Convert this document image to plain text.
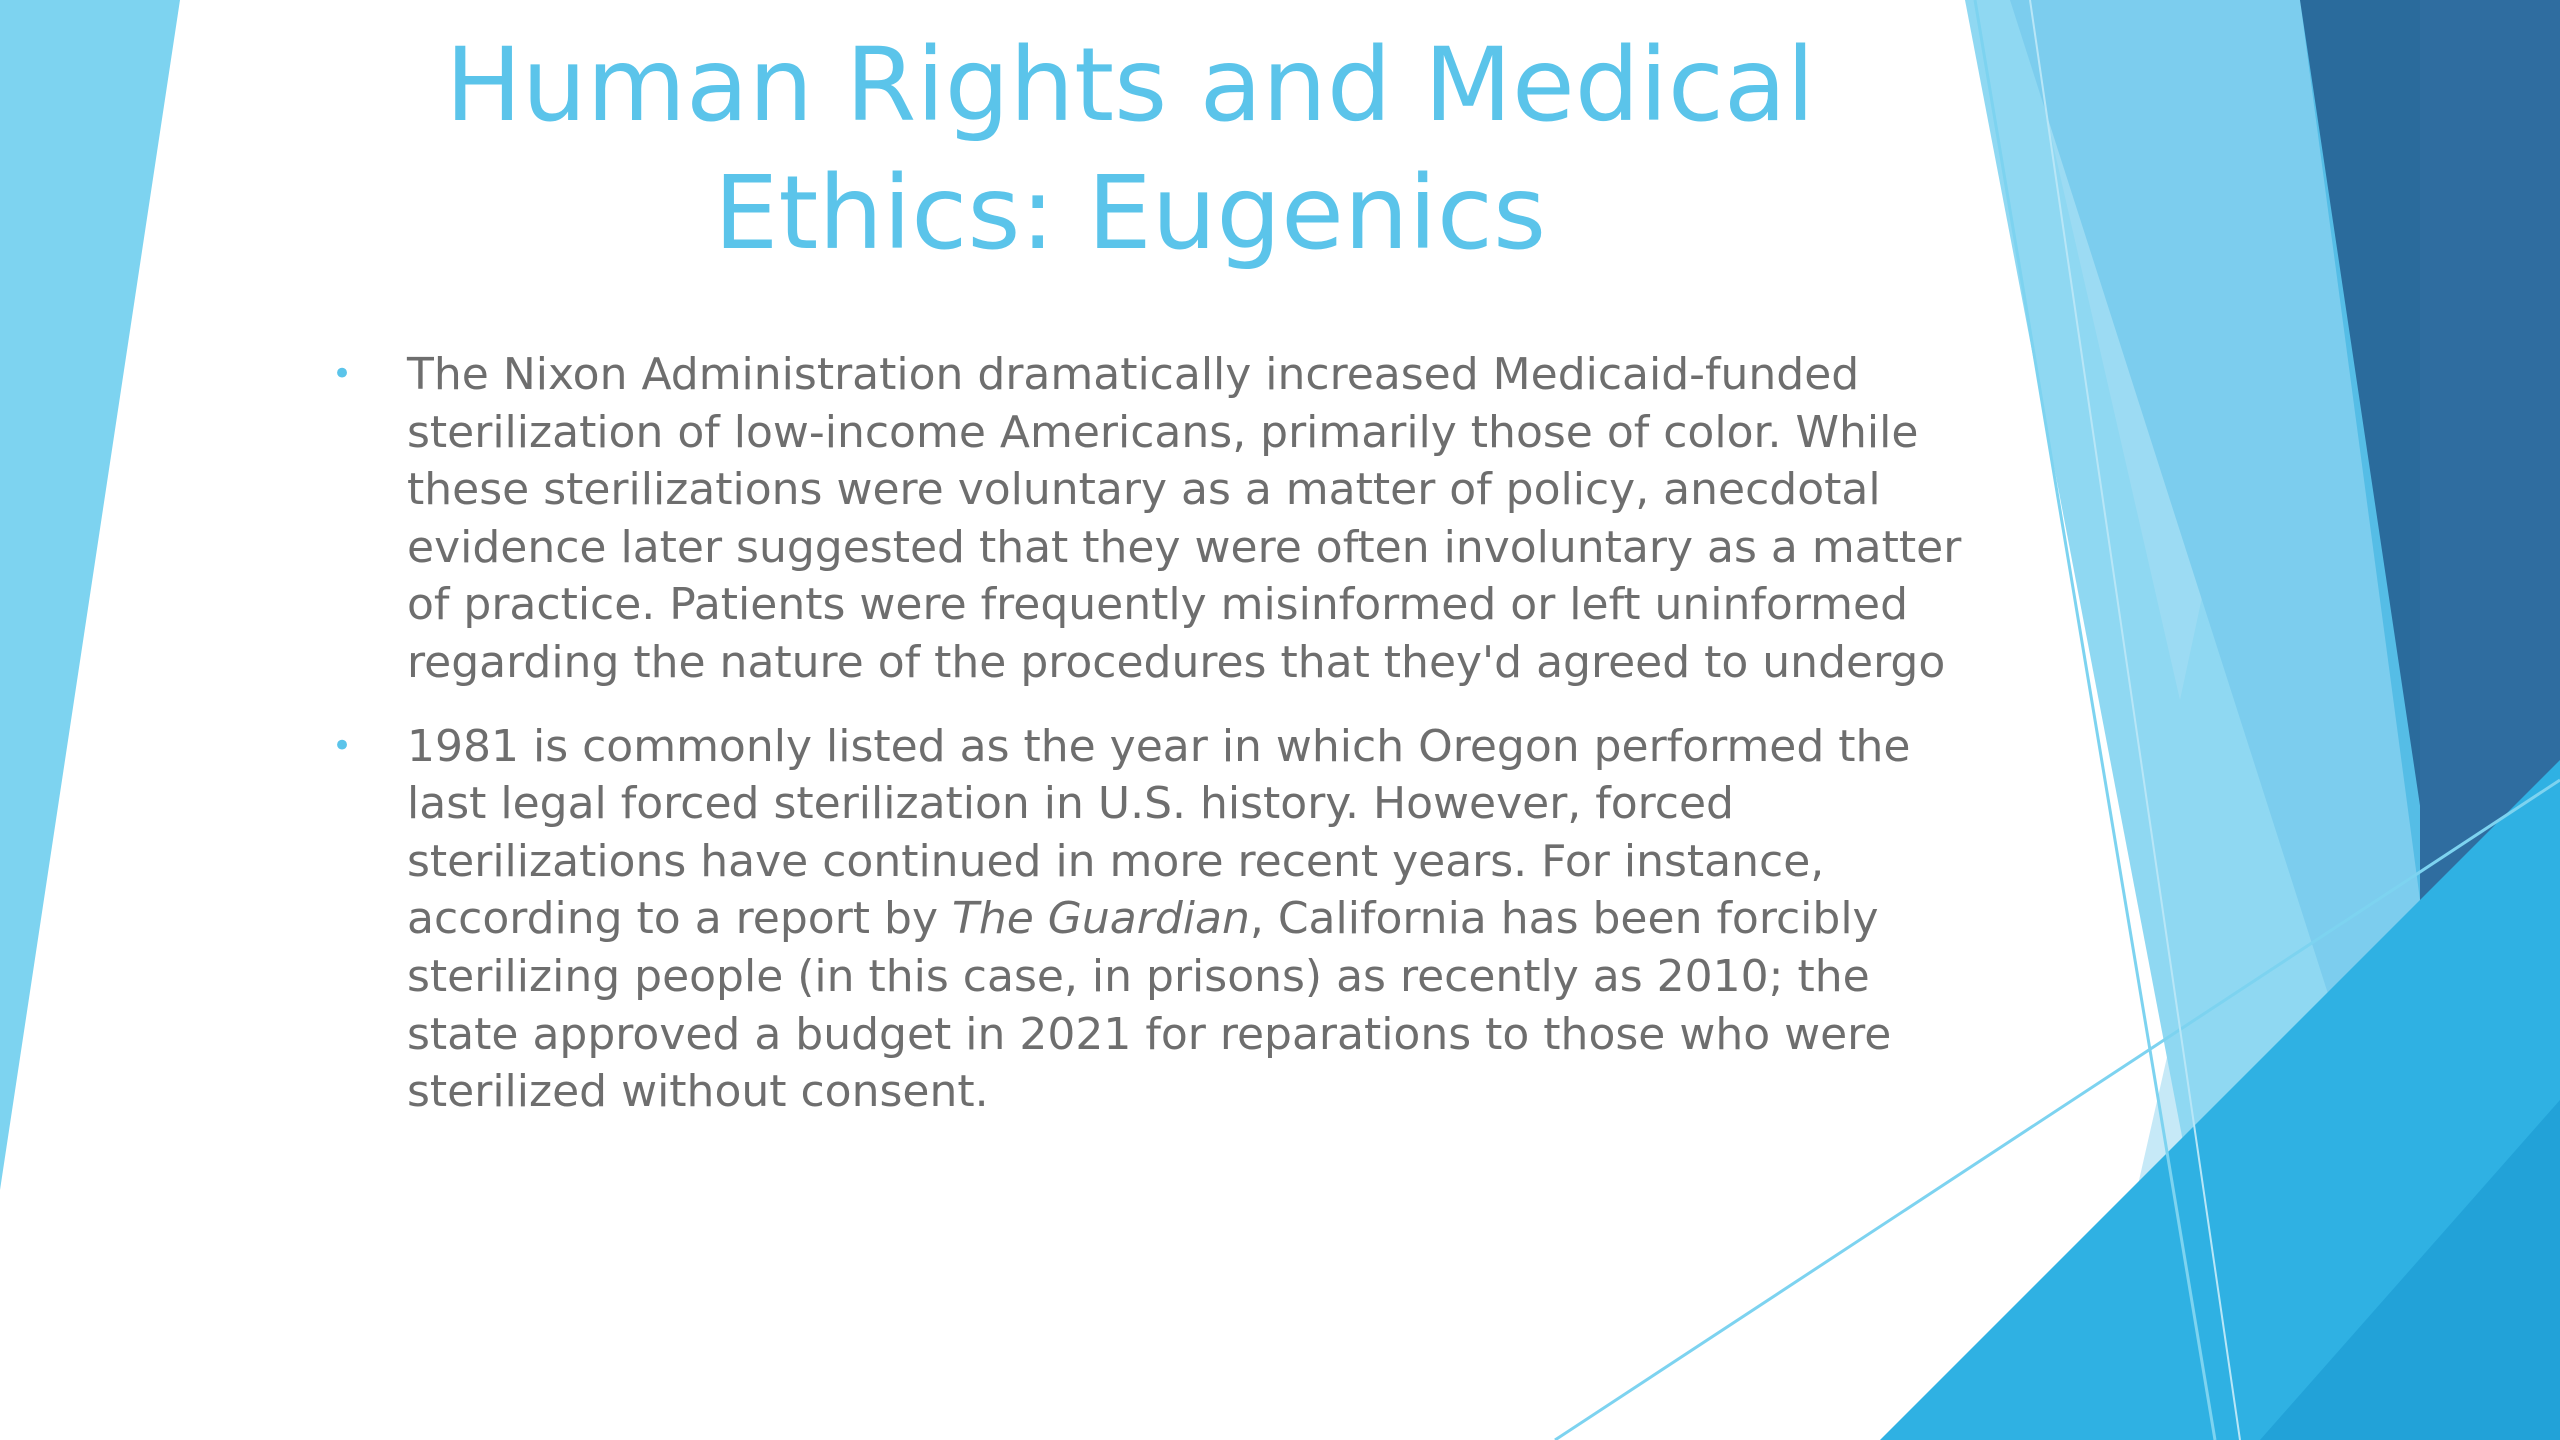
Human Rights and Medical
Ethics: Eugenics
• The Nixon Administration dramatically increased Medicaid-funded
sterilization of low-income Americans, primarily those of color. While
these sterilizations were voluntary as a matter of policy, anecdotal
evidence later suggested that they were often involuntary as a matter
of practice. Patients were frequently misinformed or left uninformed
regarding the nature of the procedures that they'd agreed to undergo
• 1981 is commonly listed as the year in which Oregon performed the
last legal forced sterilization in U.S. history. However, forced
sterilizations have continued in more recent years. For instance,
according to a report by The Guardian, California has been forcibly
sterilizing people (in this case, in prisons) as recently as 2010; the
state approved a budget in 2021 for reparations to those who were
sterilized without consent.
